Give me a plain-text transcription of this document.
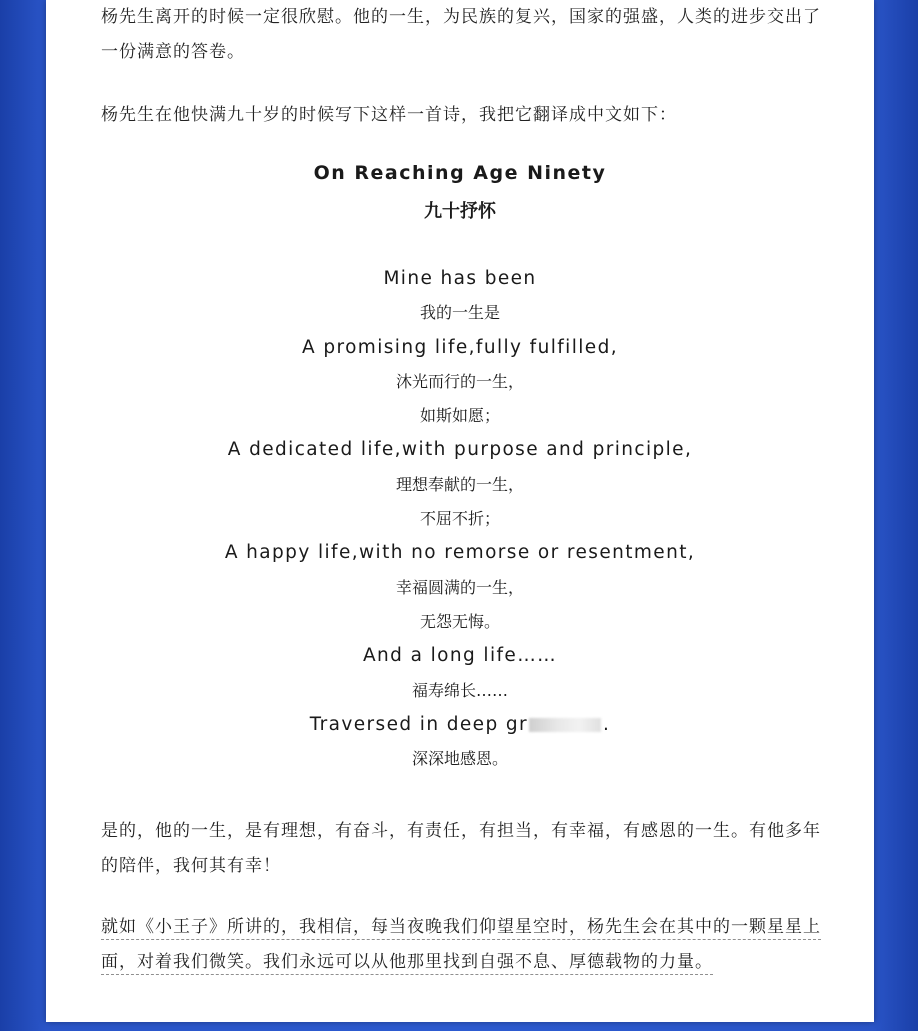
杨先生离开的时候一定很欣慰。他的一生，为民族的复兴，国家的强盛，人类的进步交出了一份满意的答卷。

杨先生在他快满九十岁的时候写下这样一首诗，我把它翻译成中文如下：

On Reaching Age Ninety
九十抒怀
Mine has been
我的一生是
A promising life,fully fulfilled,
沐光而行的一生，
如斯如愿；
A dedicated life,with purpose and principle,
理想奉献的一生，
不屈不折；
A happy life,with no remorse or resentment,
幸福圆满的一生，
无怨无悔。
And a long life……
福寿绵长……
Traversed in deep gr	.
深深地感恩。

是的，他的一生，是有理想，有奋斗，有责任，有担当，有幸福，有感恩的一生。有他多年的陪伴，我何其有幸！

就如《小王子》所讲的，我相信，每当夜晚我们仰望星空时，杨先生会在其中的一颗星星上面，对着我们微笑。我们永远可以从他那里找到自强不息、厚德载物的力量。
